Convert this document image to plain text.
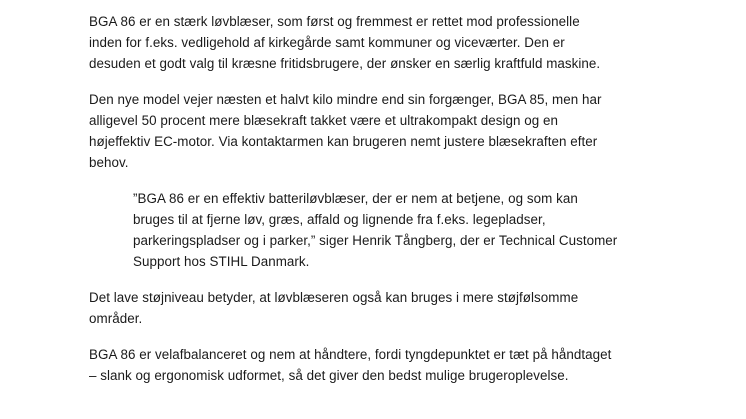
BGA 86 er en stærk løvblæser, som først og fremmest er rettet mod professionelle
inden for f.eks. vedligehold af kirkegårde samt kommuner og viceværter. Den er
desuden et godt valg til kræsne fritidsbrugere, der ønsker en særlig kraftfuld maskine.

Den nye model vejer næsten et halvt kilo mindre end sin forgænger, BGA 85, men har
alligevel 50 procent mere blæsekraft takket være et ultrakompakt design og en
højeffektiv EC-motor. Via kontaktarmen kan brugeren nemt justere blæsekraften efter
behov.

”BGA 86 er en effektiv batteriløvblæser, der er nem at betjene, og som kan
bruges til at fjerne løv, græs, affald og lignende fra f.eks. legepladser,
parkeringspladser og i parker,” siger Henrik Tångberg, der er Technical Customer
Support hos STIHL Danmark.

Det lave støjniveau betyder, at løvblæseren også kan bruges i mere støjfølsomme
områder.

BGA 86 er velafbalanceret og nem at håndtere, fordi tyngdepunktet er tæt på håndtaget
– slank og ergonomisk udformet, så det giver den bedst mulige brugeroplevelse.
